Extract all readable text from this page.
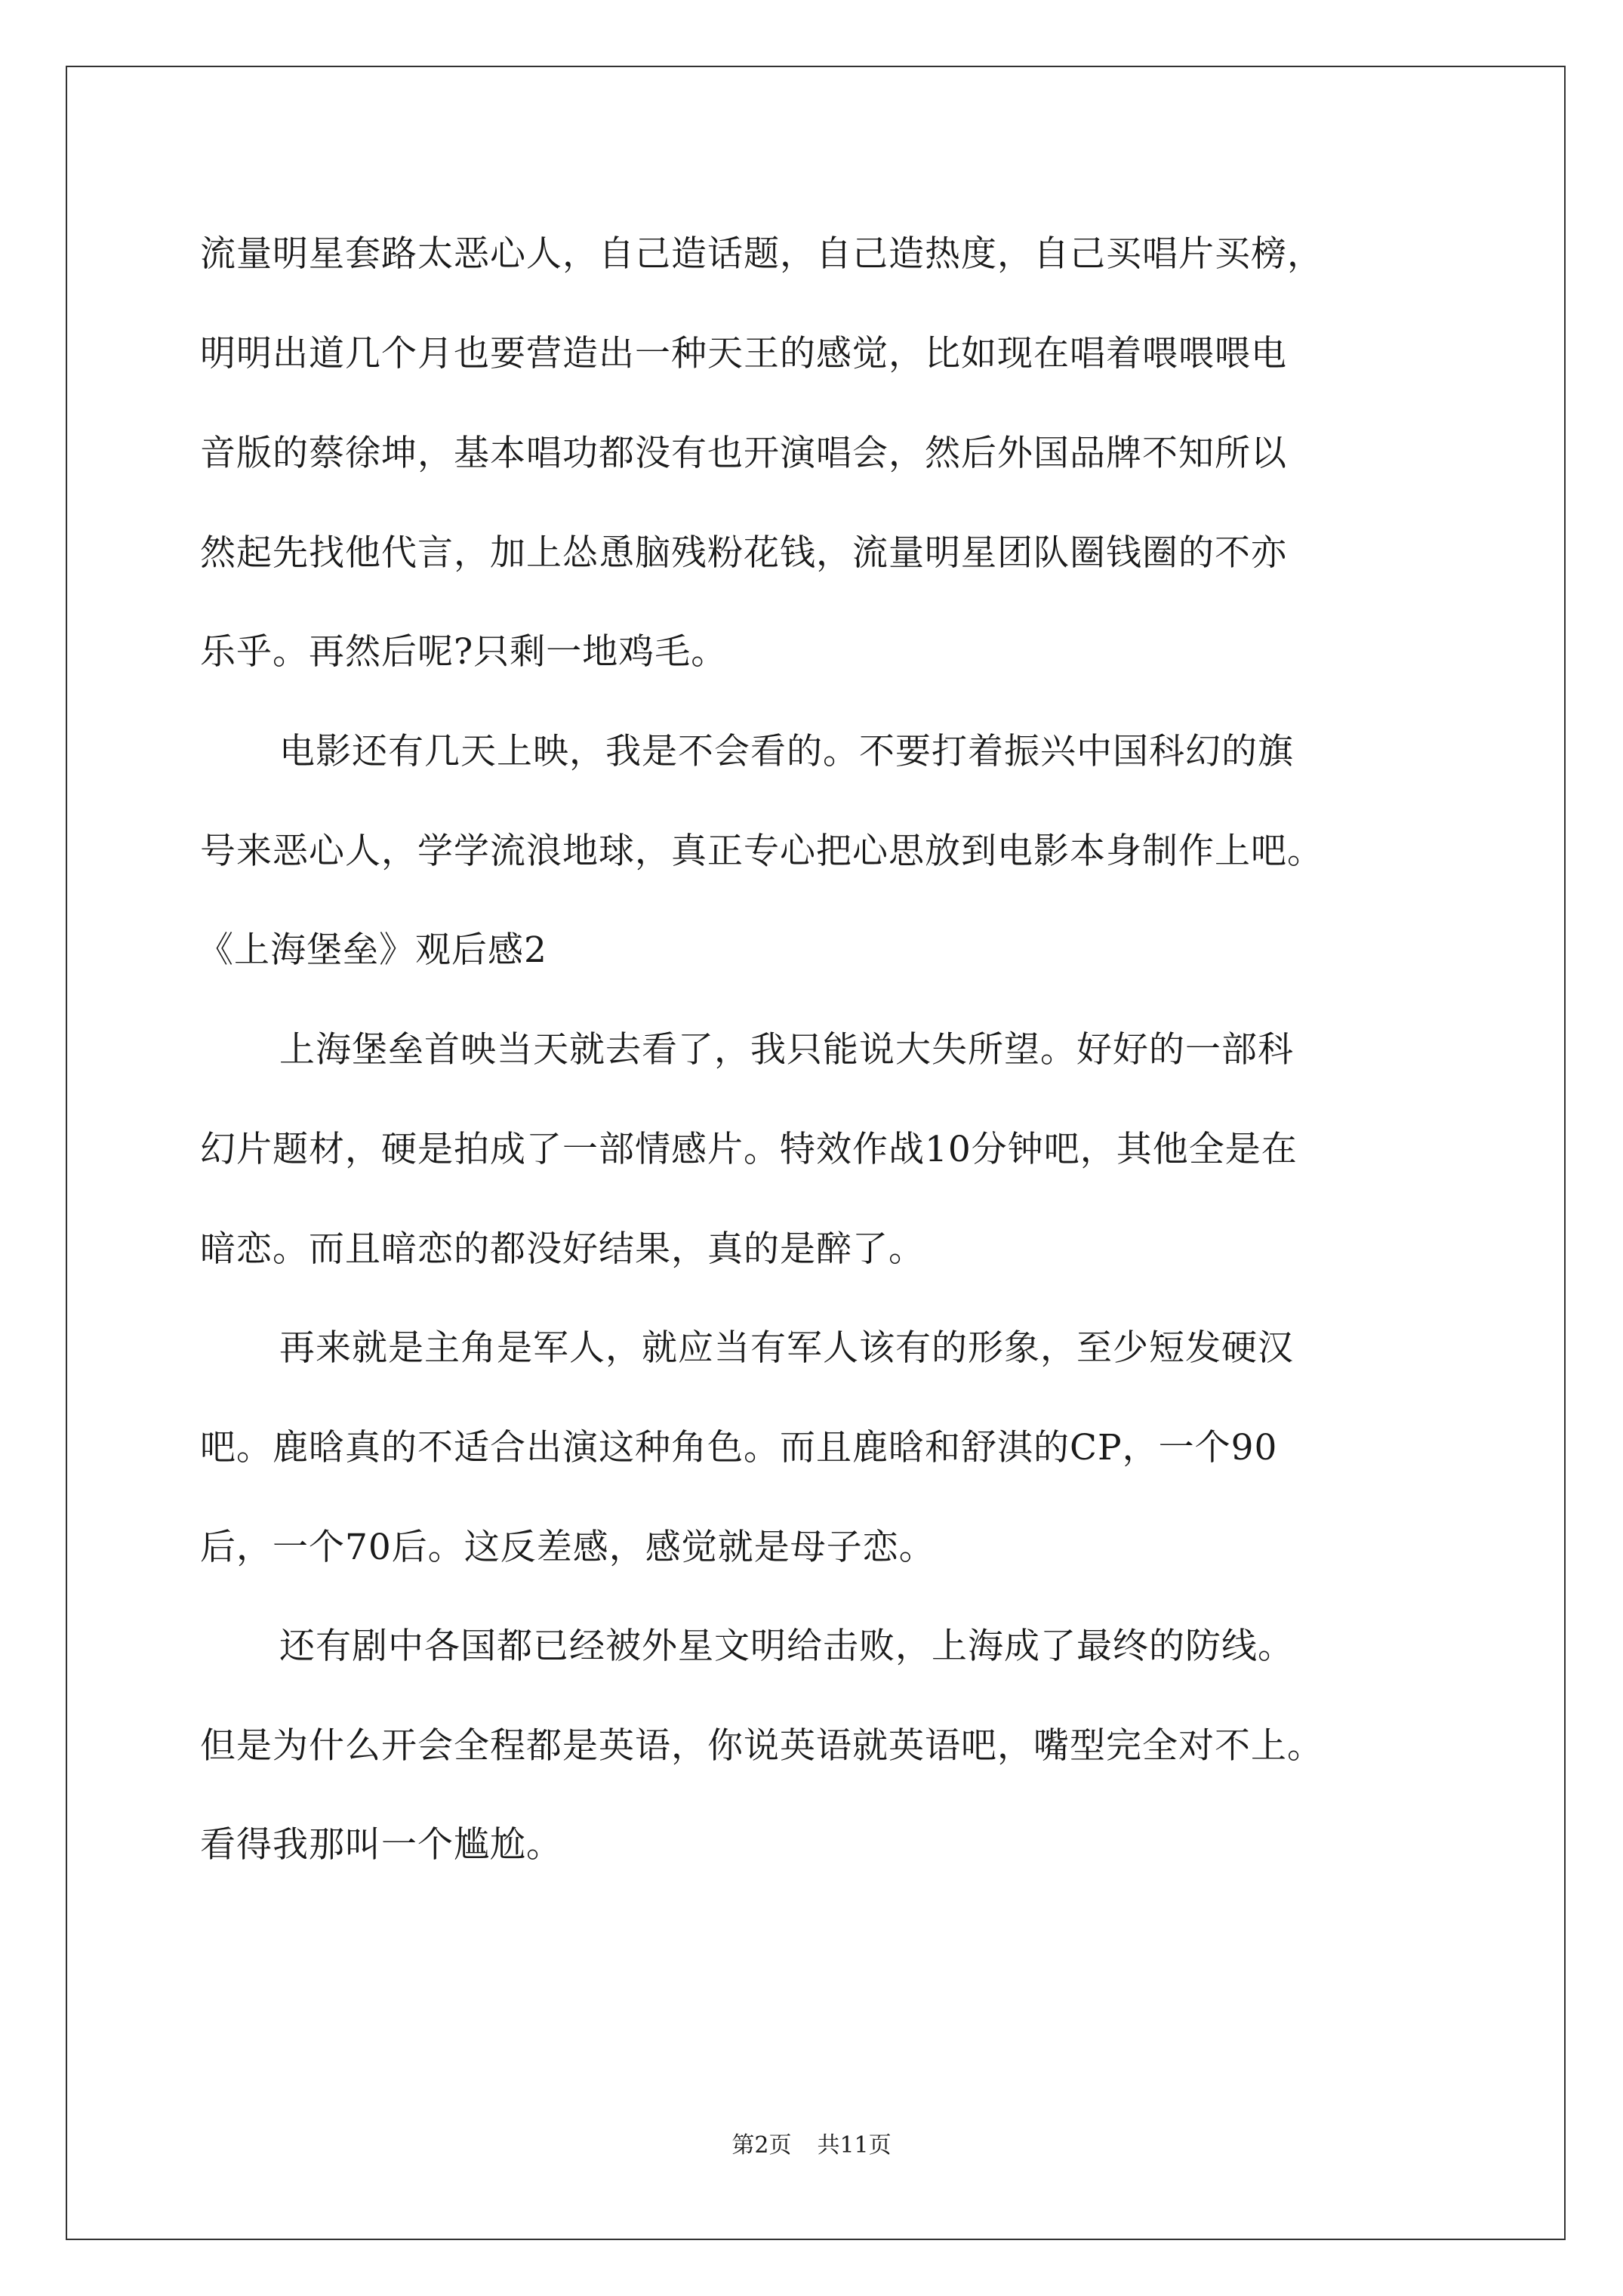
流量明星套路太恶心人，自己造话题，自己造热度，自己买唱片买榜，
明明出道几个月也要营造出一种天王的感觉，比如现在唱着喂喂喂电
音版的蔡徐坤，基本唱功都没有也开演唱会，然后外国品牌不知所以
然起先找他代言，加上怂恿脑残粉花钱，流量明星团队圈钱圈的不亦
乐乎。再然后呢?只剩一地鸡毛。
电影还有几天上映，我是不会看的。不要打着振兴中国科幻的旗
号来恶心人，学学流浪地球，真正专心把心思放到电影本身制作上吧。
《上海堡垒》观后感2
上海堡垒首映当天就去看了，我只能说大失所望。好好的一部科
幻片题材，硬是拍成了一部情感片。特效作战10分钟吧，其他全是在
暗恋。而且暗恋的都没好结果，真的是醉了。
再来就是主角是军人，就应当有军人该有的形象，至少短发硬汉
吧。鹿晗真的不适合出演这种角色。而且鹿晗和舒淇的CP，一个90
后，一个70后。这反差感，感觉就是母子恋。
还有剧中各国都已经被外星文明给击败，上海成了最终的防线。
但是为什么开会全程都是英语，你说英语就英语吧，嘴型完全对不上。
看得我那叫一个尴尬。
第2页 共11页
